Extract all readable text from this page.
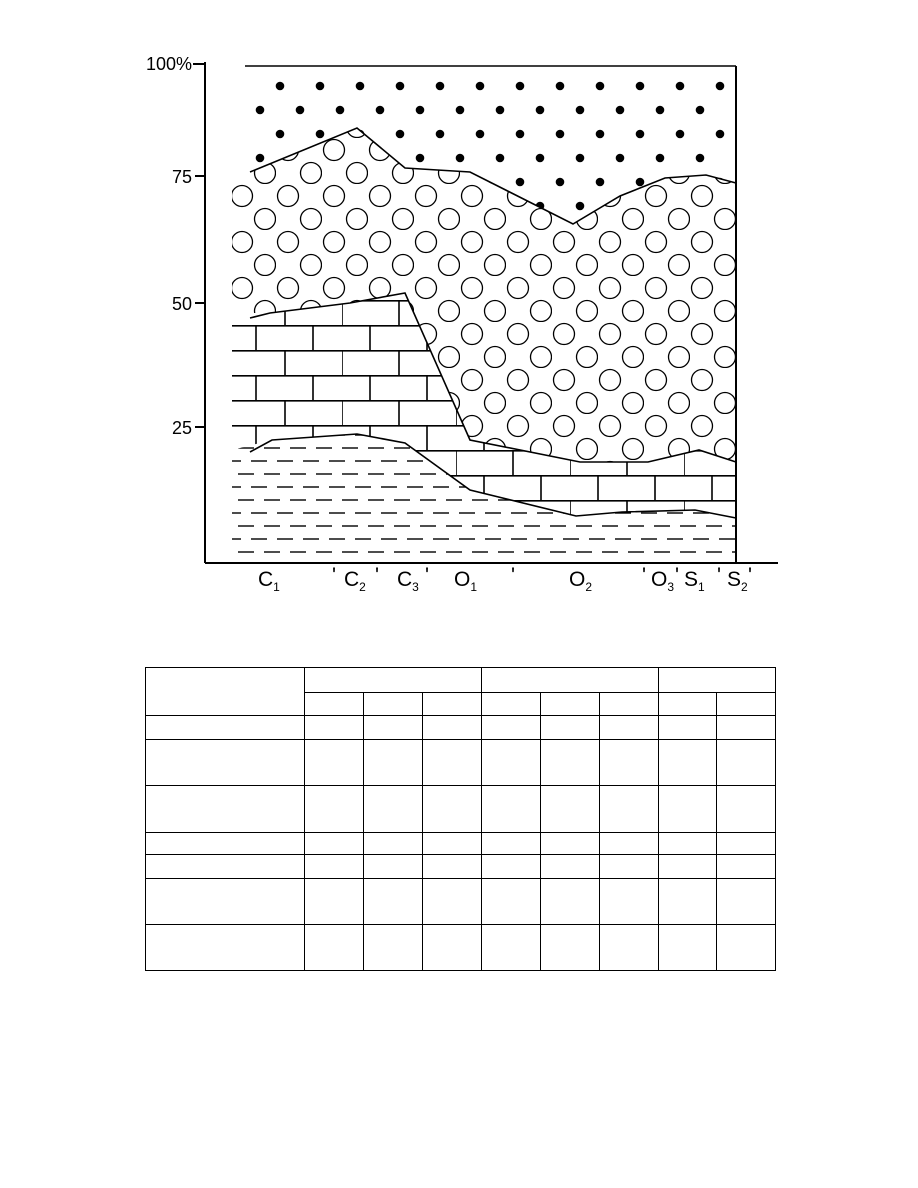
100%
75
50
25
$C_1$	$C_2$ $C_3$ $O_1$	$O_2$	$O_3$ $S_1$ $S_2$
' ' '	'	' ' ' '
